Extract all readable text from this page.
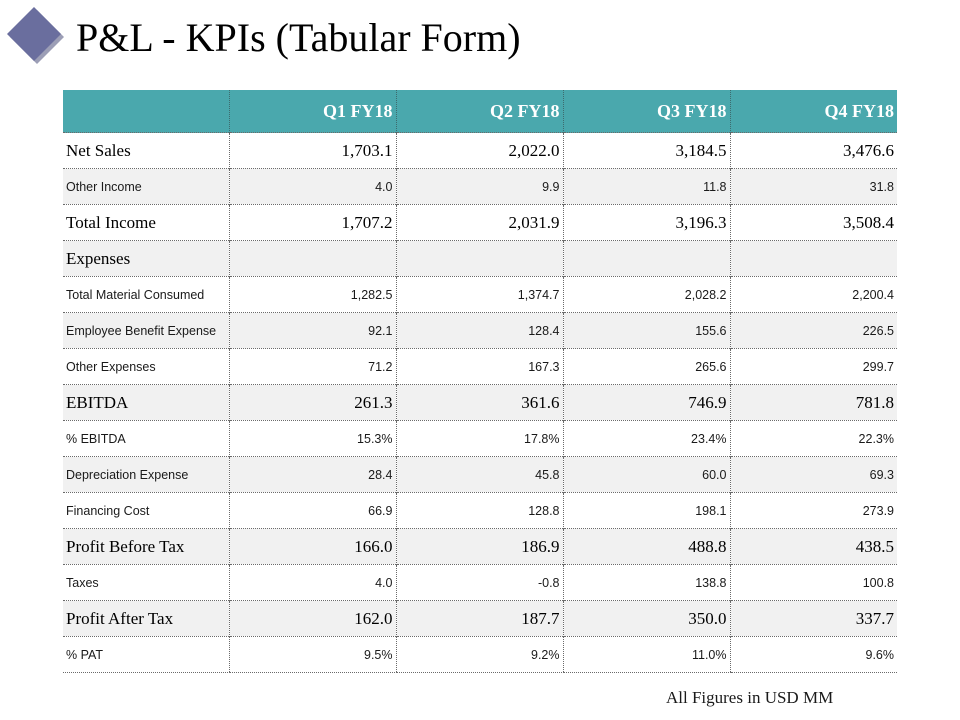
P&L - KPIs (Tabular Form)
	Q1 FY18	Q2 FY18	Q3 FY18	Q4 FY18
Net Sales	1,703.1	2,022.0	3,184.5	3,476.6
Other Income	4.0	9.9	11.8	31.8
Total Income	1,707.2	2,031.9	3,196.3	3,508.4
Expenses				
Total Material Consumed	1,282.5	1,374.7	2,028.2	2,200.4
Employee Benefit Expense	92.1	128.4	155.6	226.5
Other Expenses	71.2	167.3	265.6	299.7
EBITDA	261.3	361.6	746.9	781.8
% EBITDA	15.3%	17.8%	23.4%	22.3%
Depreciation Expense	28.4	45.8	60.0	69.3
Financing Cost	66.9	128.8	198.1	273.9
Profit Before Tax	166.0	186.9	488.8	438.5
Taxes	4.0	-0.8	138.8	100.8
Profit After Tax	162.0	187.7	350.0	337.7
% PAT	9.5%	9.2%	11.0%	9.6%
All Figures in USD MM
